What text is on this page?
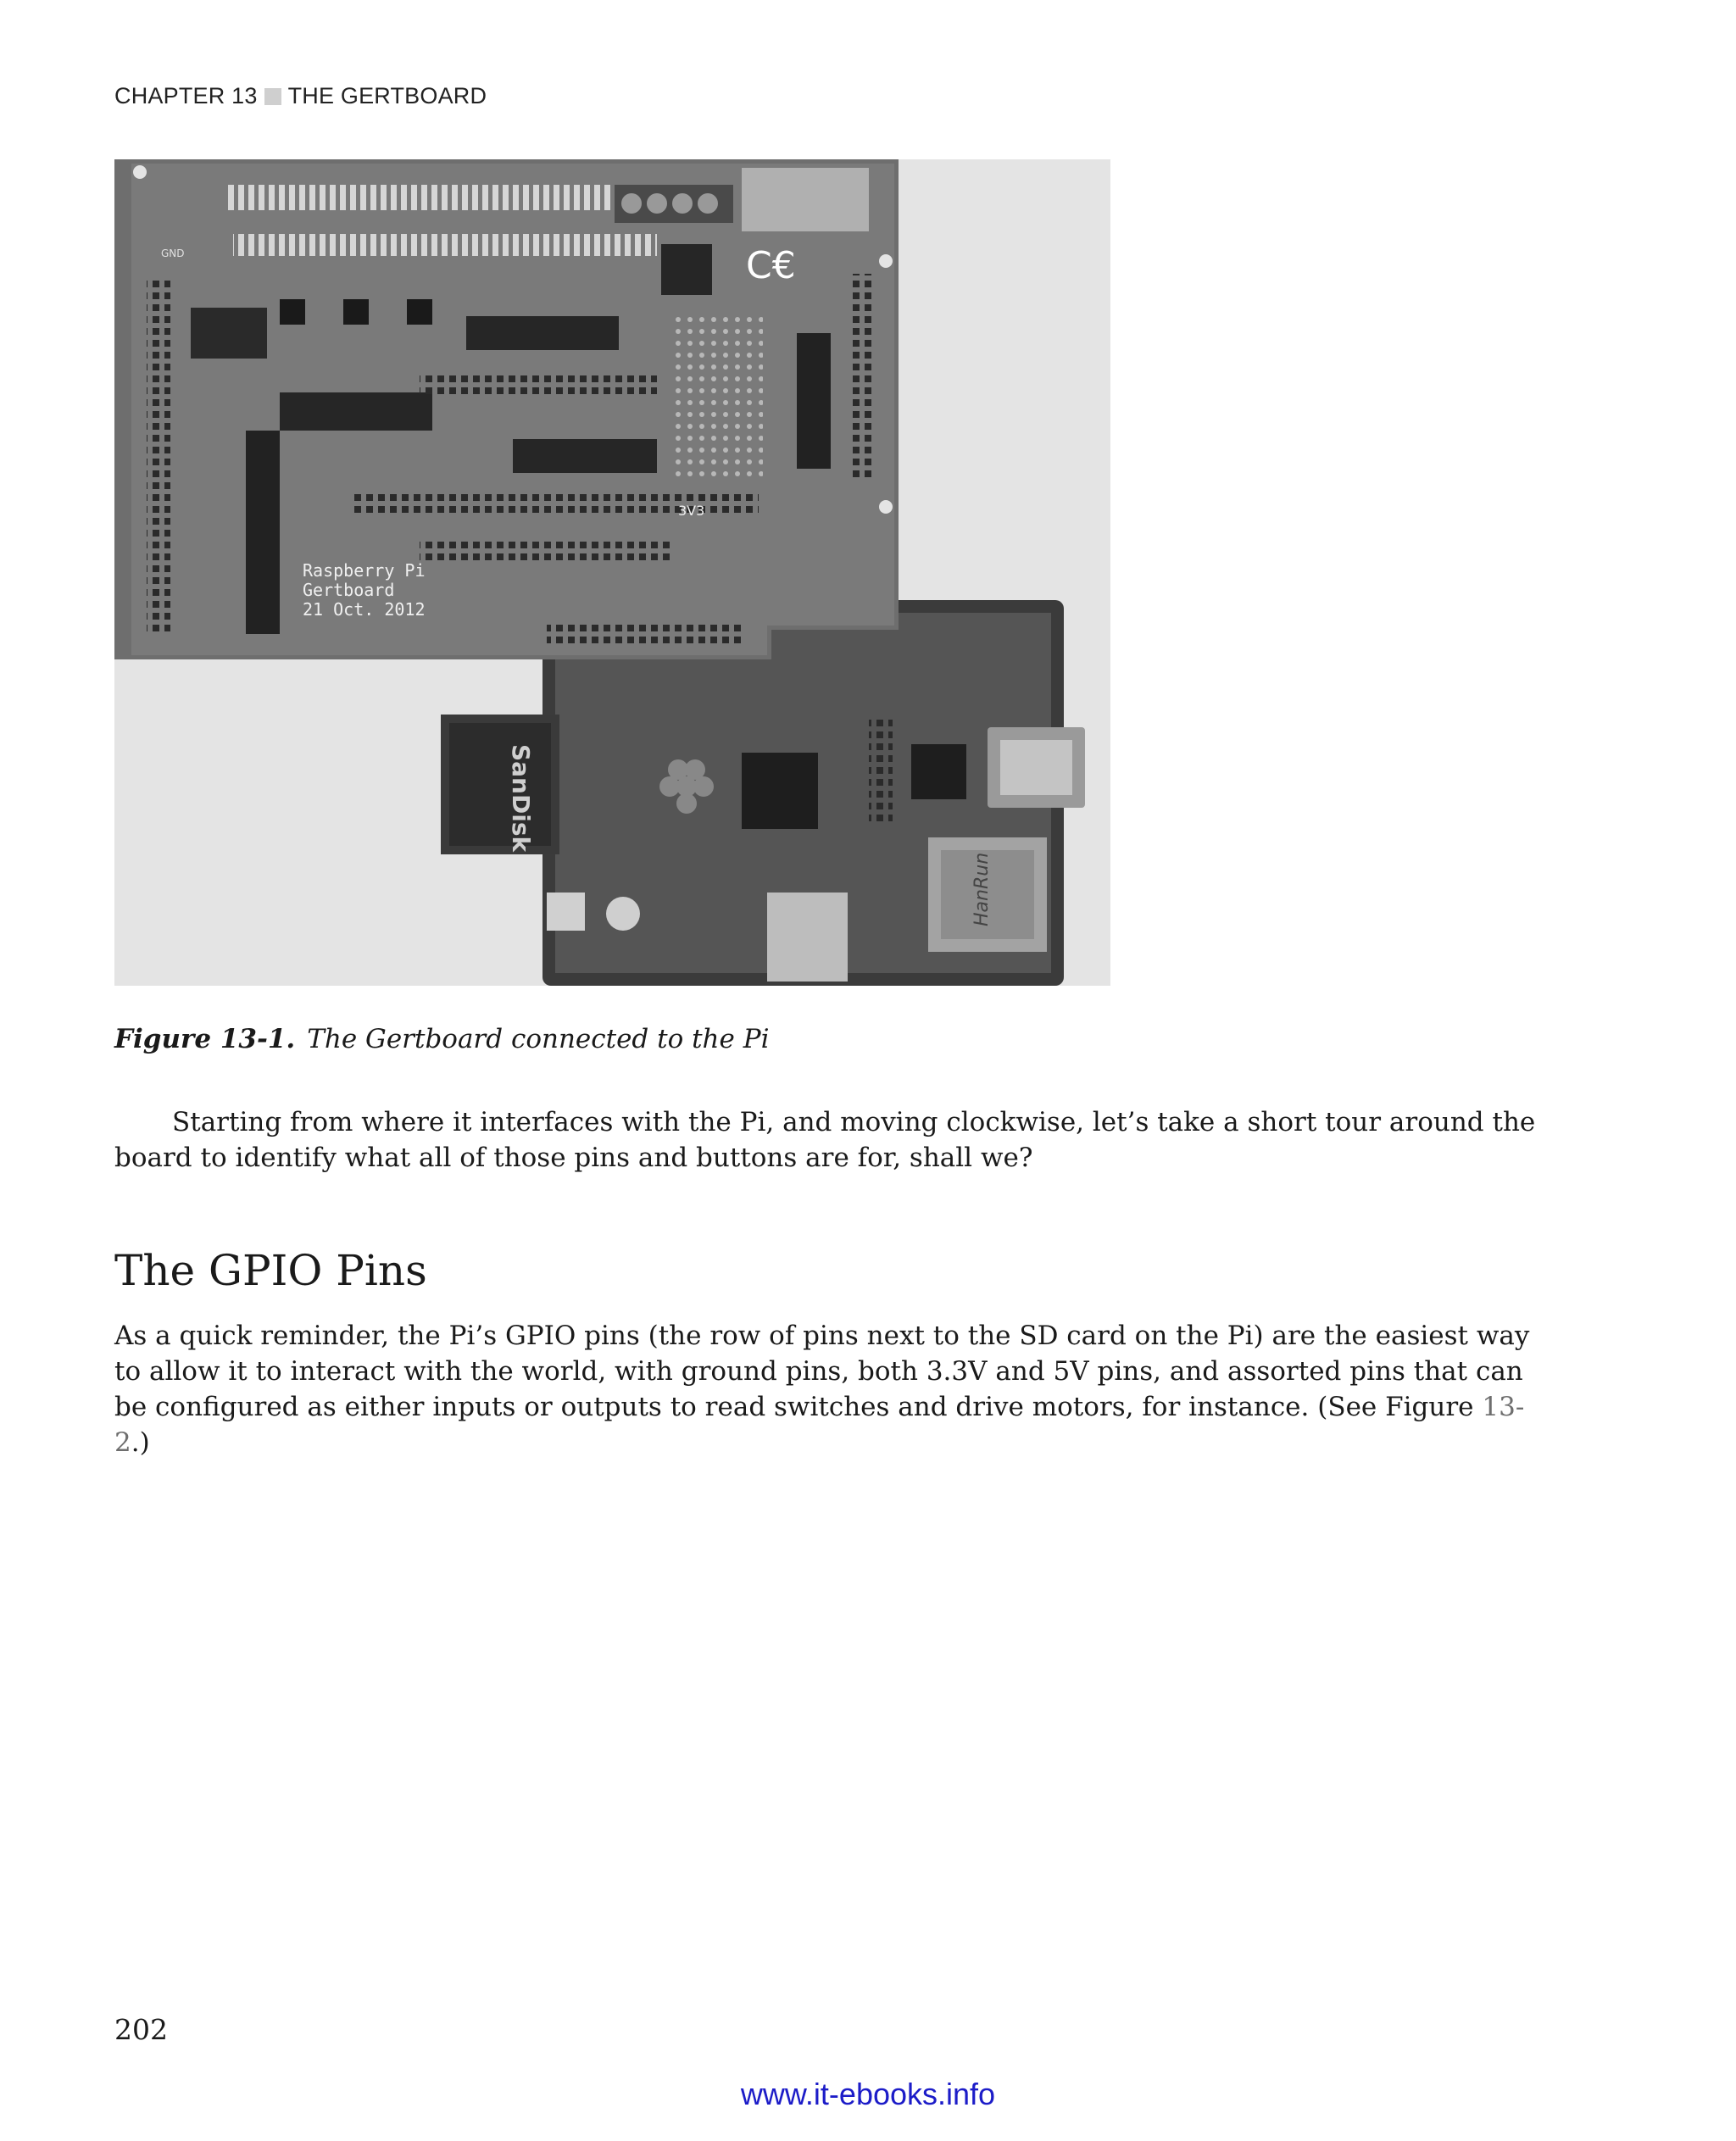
CHAPTER 13 THE GERTBOARD
SanDisk
HanRun
GND	C€
Raspberry Pi
Gertboard
21 Oct. 2012
3V3
Figure 13-1. The Gertboard connected to the Pi

Starting from where it interfaces with the Pi, and moving clockwise, let’s take a short tour around the board to identify what all of those pins and buttons are for, shall we?

The GPIO Pins

As a quick reminder, the Pi’s GPIO pins (the row of pins next to the SD card on the Pi) are the easiest way to allow it to interact with the world, with ground pins, both 3.3V and 5V pins, and assorted pins that can be configured as either inputs or outputs to read switches and drive motors, for instance. (See Figure 13-2.)

202
www.it-ebooks.info
